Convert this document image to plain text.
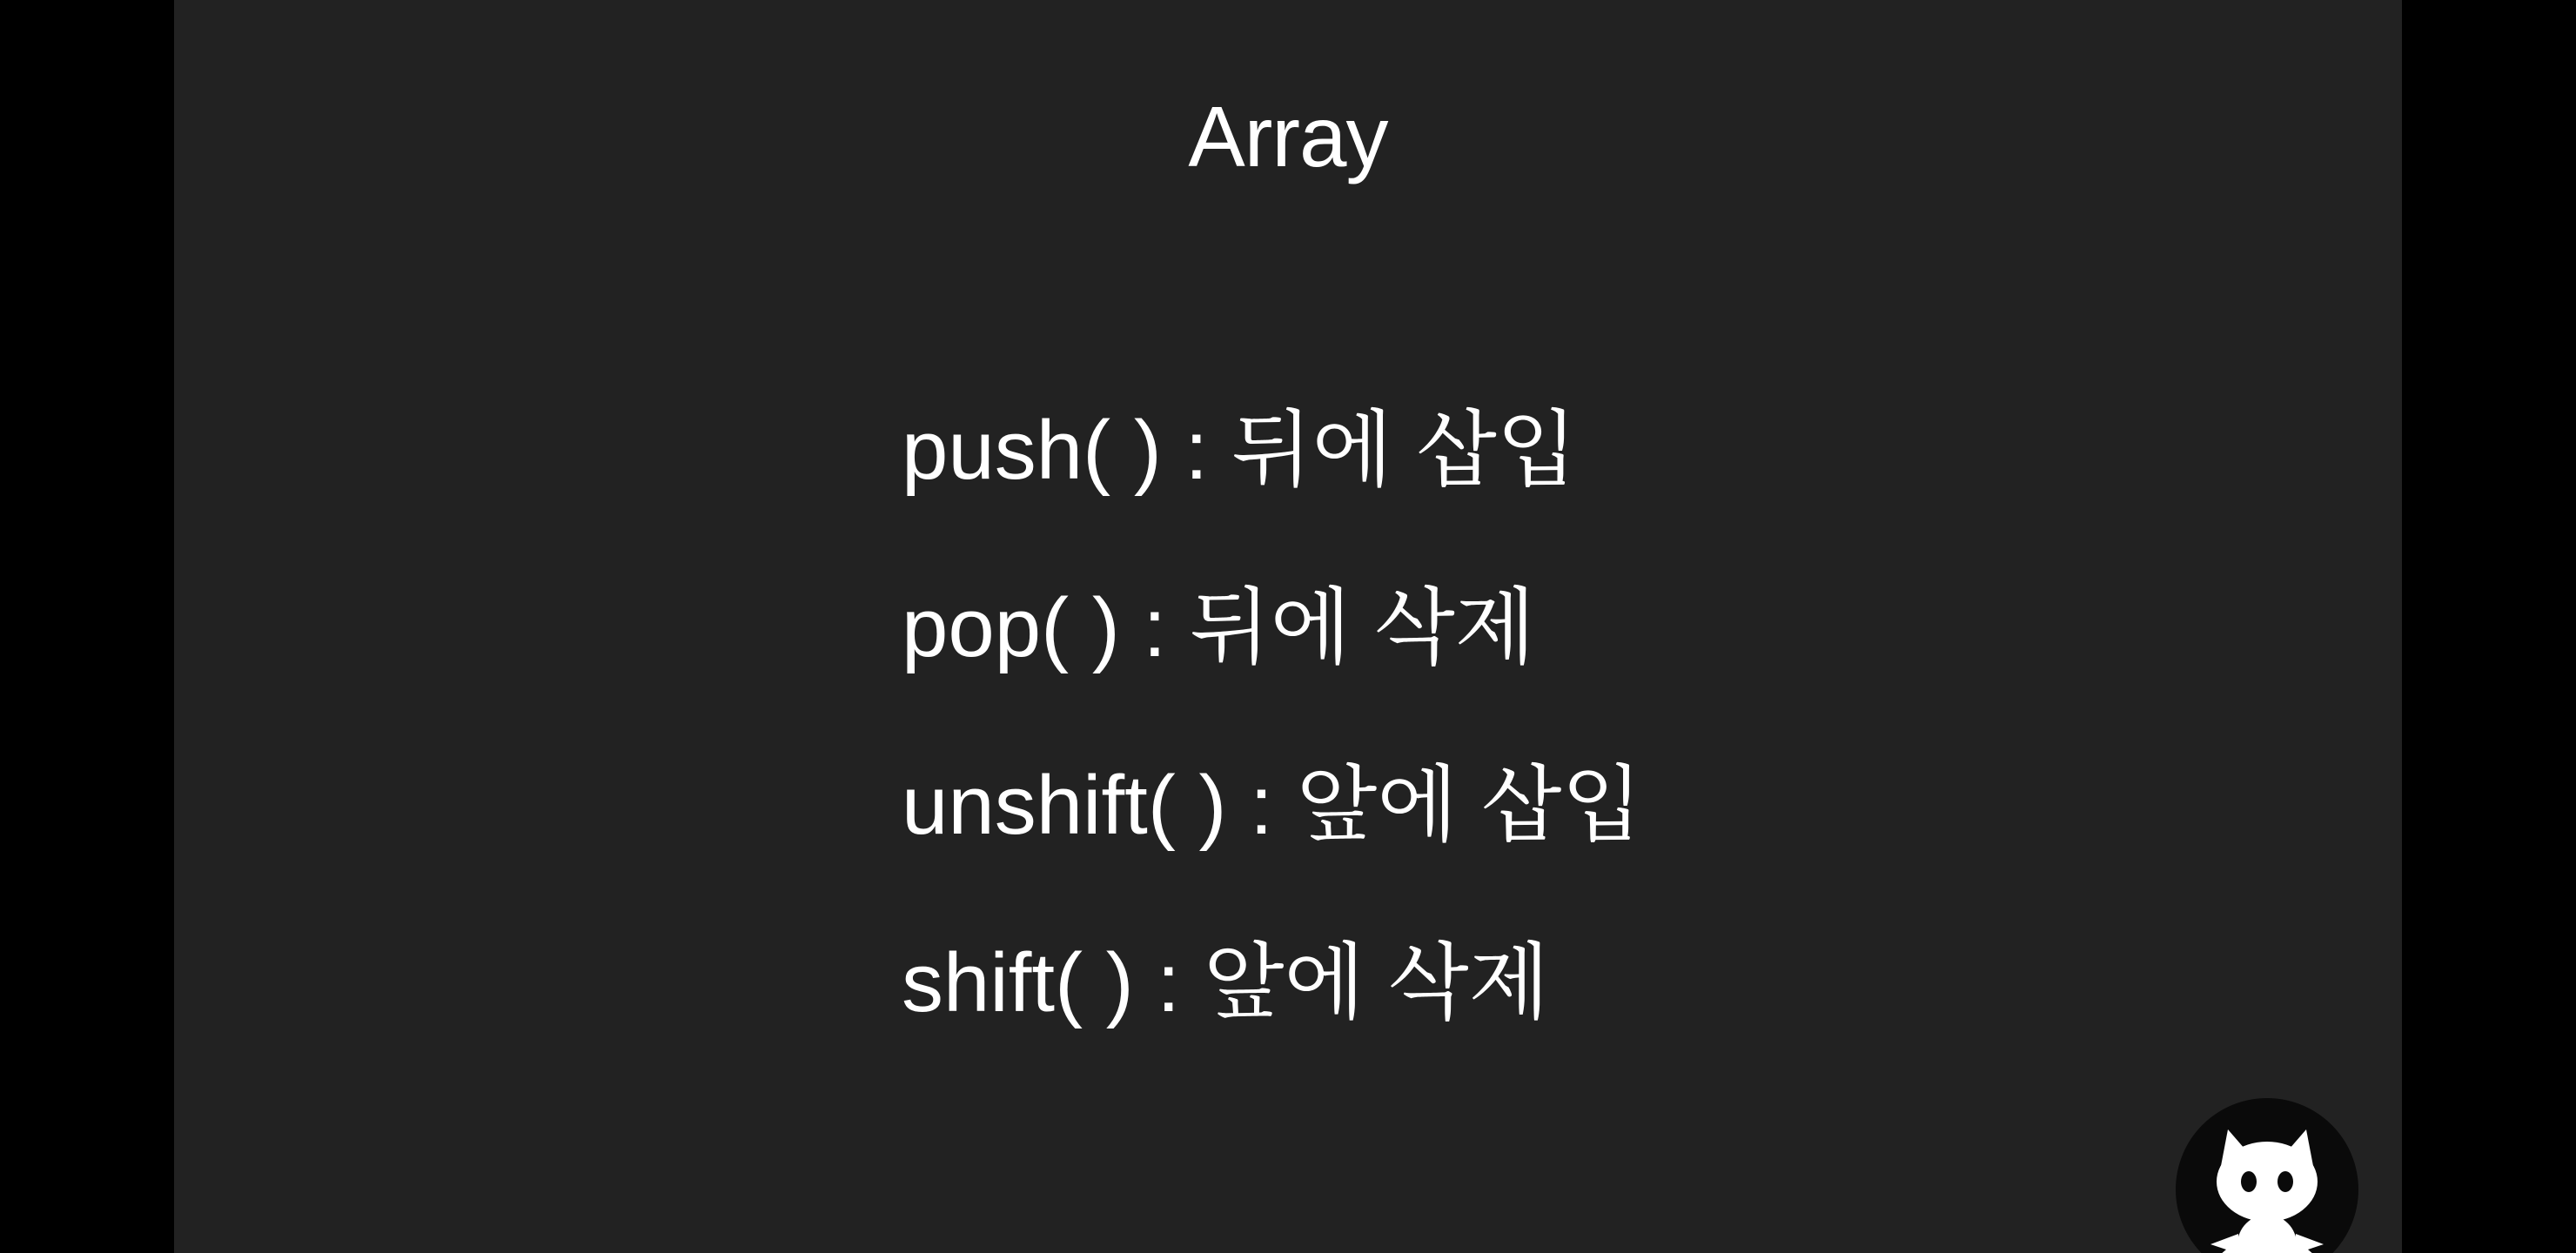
Array
push( ) : 뒤에 삽입
pop( ) : 뒤에 삭제
unshift( ) : 앞에 삽입
shift( ) : 앞에 삭제
